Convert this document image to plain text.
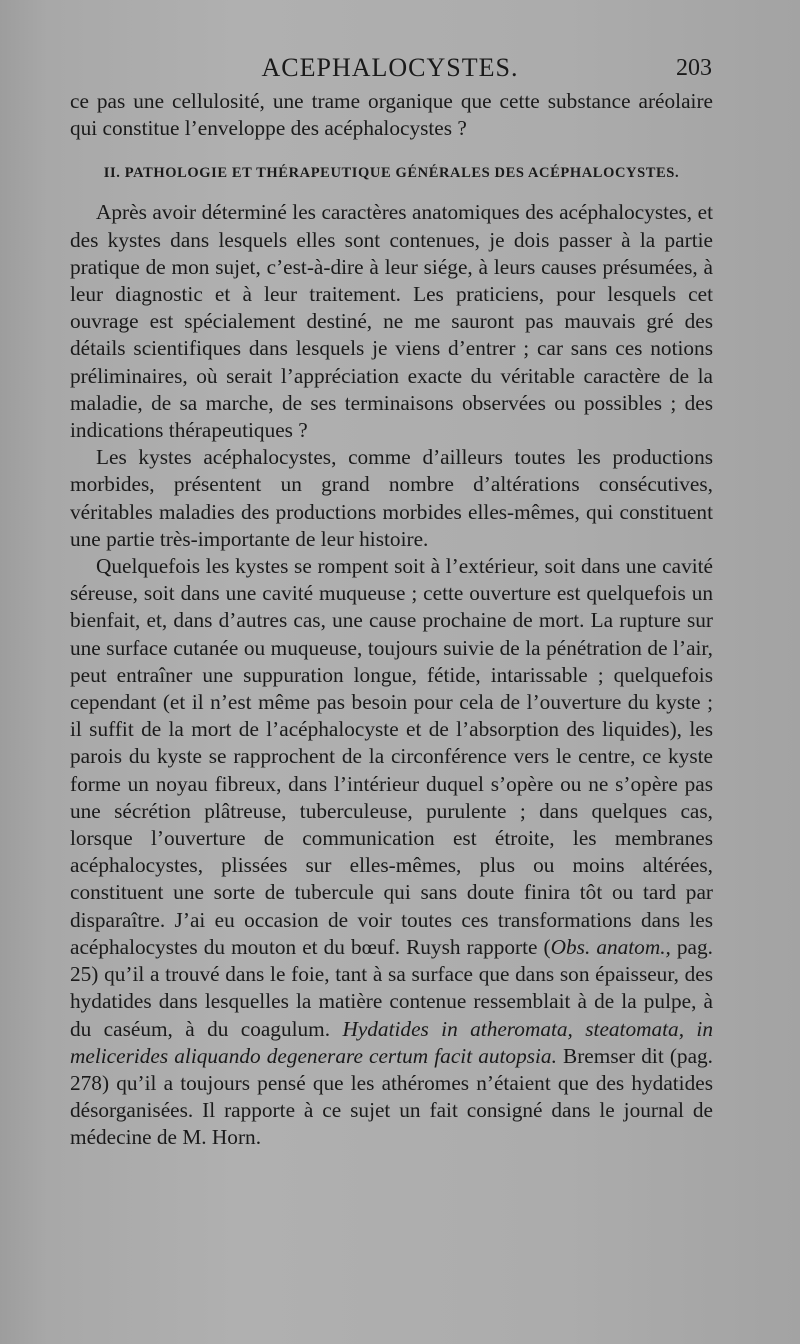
ACEPHALOCYSTES.	203

ce pas une cellulosité, une trame organique que cette substance aréolaire qui constitue l’enveloppe des acéphalocystes ?

II. PATHOLOGIE ET THÉRAPEUTIQUE GÉNÉRALES DES ACÉPHALOCYSTES.

Après avoir déterminé les caractères anatomiques des acéphalocystes, et des kystes dans lesquels elles sont contenues, je dois passer à la partie pratique de mon sujet, c’est-à-dire à leur siége, à leurs causes présumées, à leur diagnostic et à leur traitement. Les praticiens, pour lesquels cet ouvrage est spécialement destiné, ne me sauront pas mauvais gré des détails scientifiques dans lesquels je viens d’entrer ; car sans ces notions préliminaires, où serait l’appréciation exacte du véritable caractère de la maladie, de sa marche, de ses terminaisons observées ou possibles ; des indications thérapeutiques ?

Les kystes acéphalocystes, comme d’ailleurs toutes les productions morbides, présentent un grand nombre d’altérations consécutives, véritables maladies des productions morbides elles-mêmes, qui constituent une partie très-importante de leur histoire.

Quelquefois les kystes se rompent soit à l’extérieur, soit dans une cavité séreuse, soit dans une cavité muqueuse ; cette ouverture est quelquefois un bienfait, et, dans d’autres cas, une cause prochaine de mort. La rupture sur une surface cutanée ou muqueuse, toujours suivie de la pénétration de l’air, peut entraîner une suppuration longue, fétide, intarissable ; quelquefois cependant (et il n’est même pas besoin pour cela de l’ouverture du kyste ; il suffit de la mort de l’acéphalocyste et de l’absorption des liquides), les parois du kyste se rapprochent de la circonférence vers le centre, ce kyste forme un noyau fibreux, dans l’intérieur duquel s’opère ou ne s’opère pas une sécrétion plâtreuse, tuberculeuse, purulente ; dans quelques cas, lorsque l’ouverture de communication est étroite, les membranes acéphalocystes, plissées sur elles-mêmes, plus ou moins altérées, constituent une sorte de tubercule qui sans doute finira tôt ou tard par disparaître. J’ai eu occasion de voir toutes ces transformations dans les acéphalocystes du mouton et du bœuf. Ruysh rapporte (Obs. anatom., pag. 25) qu’il a trouvé dans le foie, tant à sa surface que dans son épaisseur, des hydatides dans lesquelles la matière contenue ressemblait à de la pulpe, à du caséum, à du coagulum. Hydatides in atheromata, steatomata, in melicerides aliquando degenerare certum facit autopsia. Bremser dit (pag. 278) qu’il a toujours pensé que les athéromes n’étaient que des hydatides désorganisées. Il rapporte à ce sujet un fait consigné dans le journal de médecine de M. Horn.
